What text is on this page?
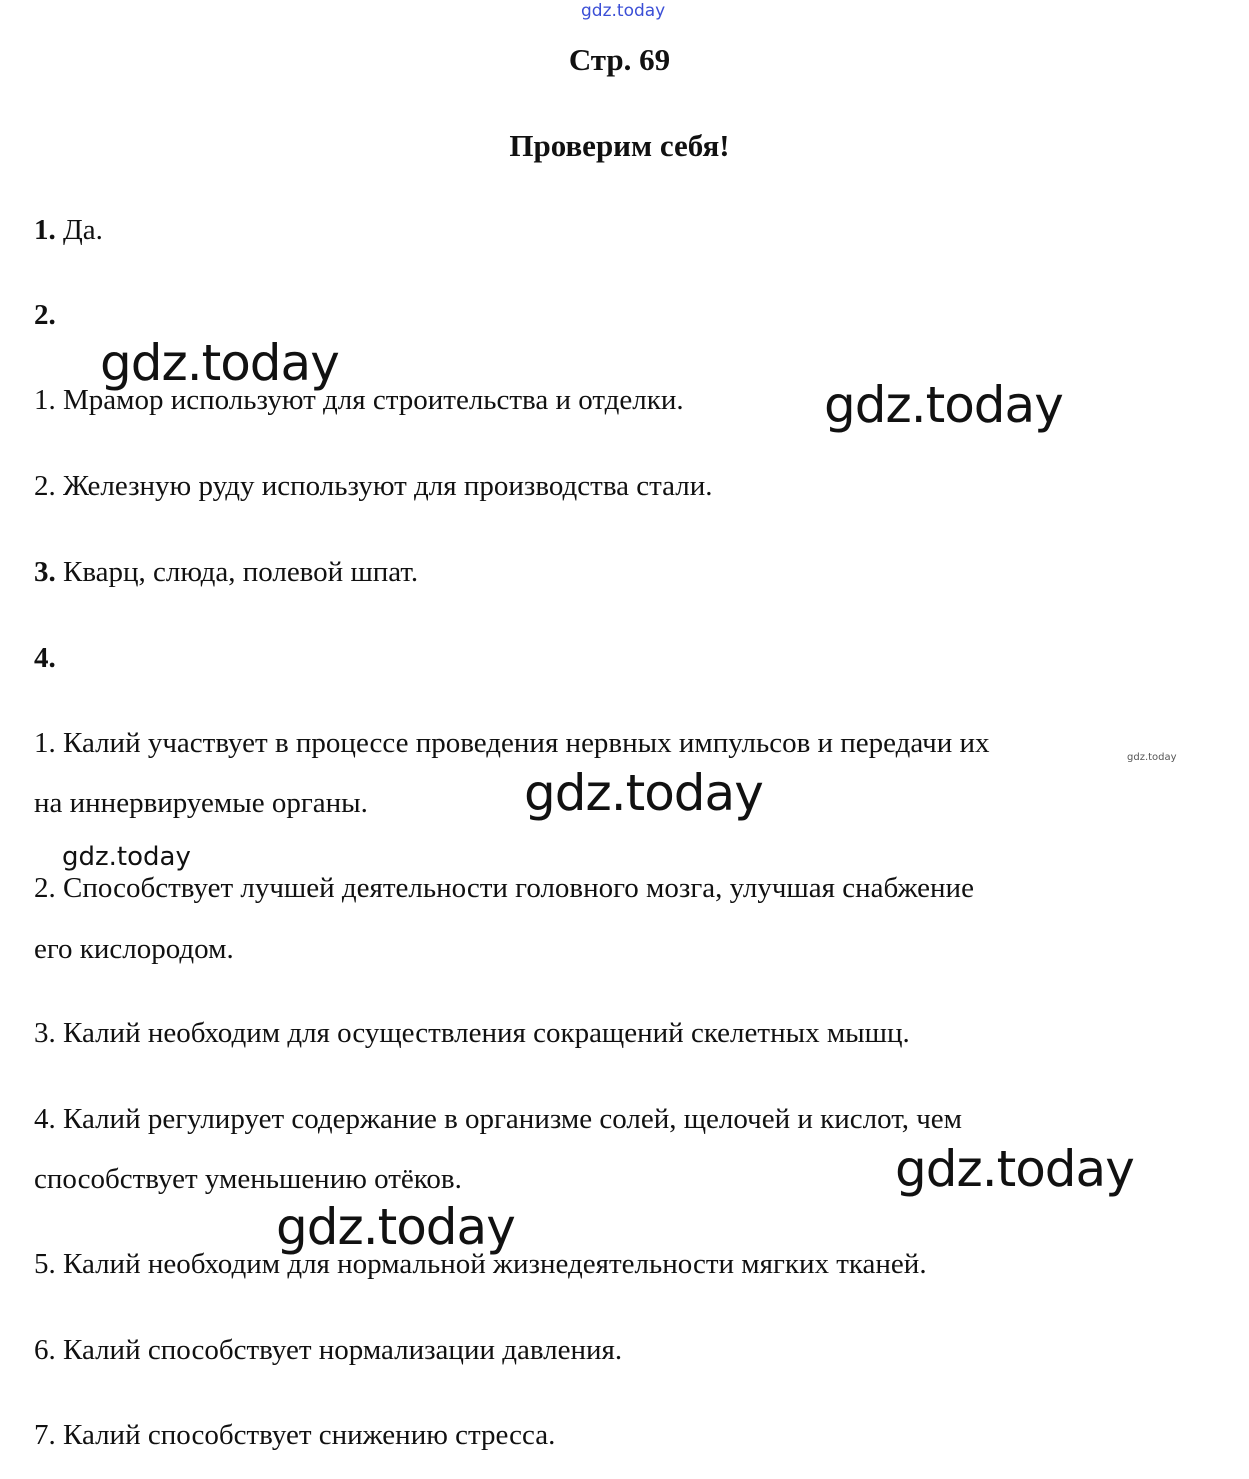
gdz.today
gdz.today
gdz.today
gdz.today
gdz.today
gdz.today
gdz.today
gdz.today
Стр. 69
Проверим себя!
1. Да.
2.
1. Мрамор используют для строительства и отделки.
2. Железную руду используют для производства стали.
3. Кварц, слюда, полевой шпат.
4.
1. Калий участвует в процессе проведения нервных импульсов и передачи их
на иннервируемые органы.
2. Способствует лучшей деятельности головного мозга, улучшая снабжение
его кислородом.
3. Калий необходим для осуществления сокращений скелетных мышц.
4. Калий регулирует содержание в организме солей, щелочей и кислот, чем
способствует уменьшению отёков.
5. Калий необходим для нормальной жизнедеятельности мягких тканей.
6. Калий способствует нормализации давления.
7. Калий способствует снижению стресса.
